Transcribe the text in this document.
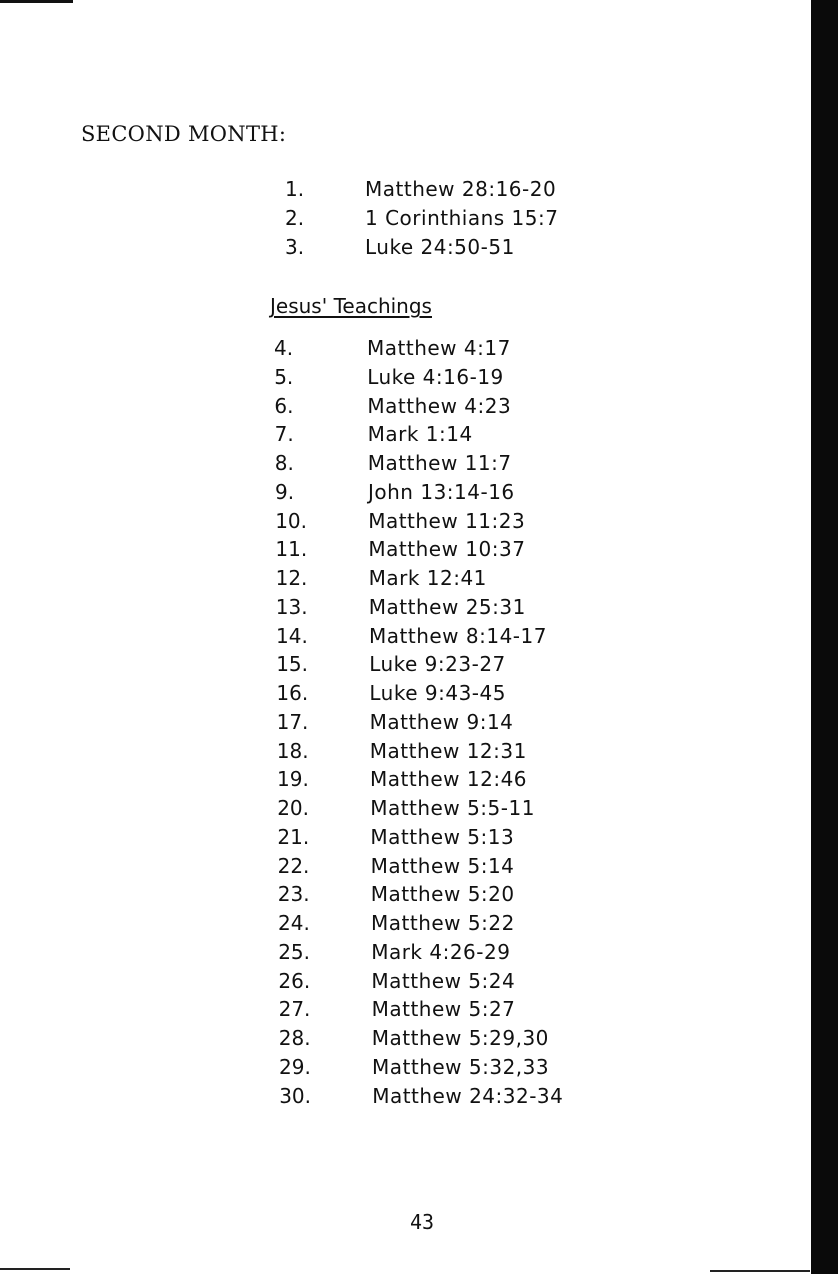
SECOND MONTH:
1.	Matthew 28:16-20
2.	1 Corinthians 15:7
3.	Luke 24:50-51
Jesus' Teachings
4.	Matthew 4:17
5.	Luke 4:16-19
6.	Matthew 4:23
7.	Mark 1:14
8.	Matthew 11:7
9.	John 13:14-16
10.	Matthew 11:23
11.	Matthew 10:37
12.	Mark 12:41
13.	Matthew 25:31
14.	Matthew 8:14-17
15.	Luke 9:23-27
16.	Luke 9:43-45
17.	Matthew 9:14
18.	Matthew 12:31
19.	Matthew 12:46
20.	Matthew 5:5-11
21.	Matthew 5:13
22.	Matthew 5:14
23.	Matthew 5:20
24.	Matthew 5:22
25.	Mark 4:26-29
26.	Matthew 5:24
27.	Matthew 5:27
28.	Matthew 5:29,30
29.	Matthew 5:32,33
30.	Matthew 24:32-34
43
